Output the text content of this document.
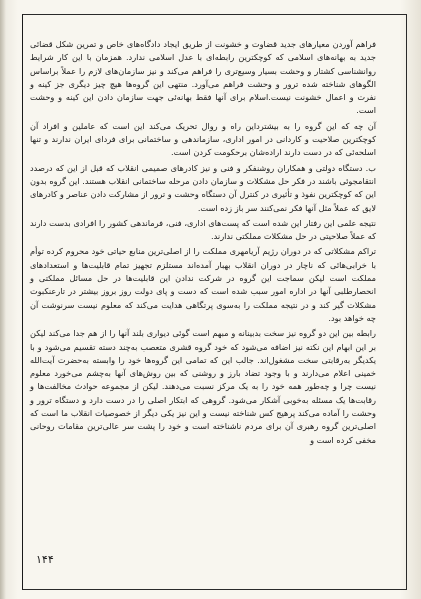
فراهم آوردن معیارهای جدید قضاوت و خشونت از طریق ایجاد دادگاه‌های خاص و تمرین شکل قضائی جدید به بهانه‌های اسلامی که کوچکترین رابطه‌ای با عدل اسلامی ندارد. همزمان با این کار شرایط روانشناسی کشتار و وحشت بسیار وسیع‌تری را فراهم می‌کند و نیز سازمان‌های لازم را عملاً براساس الگوهای شناخته شده ترور و وحشت فراهم می‌آورد. منتهی این گروه‌ها هیچ چیز دیگری جز کینه و نفرت و اعمال خشونت نیست.اسلام برای آنها فقط بهانه‌ئی جهت سازمان دادن این کینه و وحشت است.

آن چه که این گروه را به بیشترداین راه و روال تحریک می‌کند این است که عاملین و افراد آن کوچکترین صلاحیت و کاردانی در امور اداری، سازماندهی و ساختمانی برای فردای ایران ندارند و تنها اسلحه‌ئی که در دست دارند اراده‌شان برحکومت کردن است.

ب. دستگاه دولتی و همکاران روشنفکر و فنی و نیز کادرهای صمیمی انقلاب که قبل از این که درصدد انتقامجوئی باشند در فکر حل مشکلات و سازمان دادن مرحله ساختمانی انقلاب هستند. این گروه بدون این که کوچکترین نفوذ و تأثیری در کنترل آن دستگاه وحشت و ترور از مشارکت دادن عناصر و کادرهای لایق که عملاً مثل آنها فکر نمی‌کنند سر باز زده است.

نتیجه علمی این رفتار این شده است که پست‌های اداری، فنی، فرماندهی کشور را افرادی بدست دارند که عملاً صلاحیتی در حل مشکلات مملکتی ندارند.

تراکم مشکلاتی که در دوران رژیم آریامهری مملکت را از اصلی‌ترین منابع حیاتی خود محروم کرده توأم با خرابی‌هائی که ناچار در دوران انقلاب بهبار آمده‌اند مستلزم تجهیز تمام قابلیت‌ها و استعدادهای مملکت است لیکن سماجت این گروه در شرکت ندادن این قابلیت‌ها در حل مسائل مملکتی و انحصارطلبی آنها در اداره امور سبب شده است که دست و پای دولت روز بروز بیشتر در تارعنکبوت مشکلات گیر کند و در نتیجه مملکت را به‌سوی پرتگاهی هدایت می‌کند که معلوم نیست سرنوشت آن چه خواهد بود.

رابطه بین این دو گروه نیز سخت بدبینانه و مبهم است گوئی دیواری بلند آنها را از هم جدا می‌کند لیکن بر این ابهام این نکته نیز اضافه می‌شود که خود گروه قشری متعصب به‌چند دسته تقسیم می‌شود و با یکدیگر به‌رقابتی سخت مشغول‌اند. جالب این که تمامی این گروه‌ها خود را وابسته به‌حضرت آیت‌الله خمینی اعلام می‌دارند و با وجود تضاد بارز و روشنی که بین روش‌های آنها به‌چشم می‌خورد معلوم نیست چرا و چه‌طور همه خود را به یک مرکز نسبت می‌دهند. لیکن از مجموعه حوادث مخالفت‌ها و رقابت‌ها یک مسئله به‌خوبی آشکار می‌شود. گروهی که ابتکار اصلی را در دست دارد و دستگاه ترور و وحشت را آماده می‌کند پرهیج کس شناخته نیست و این نیز یکی دیگر از خصوصیات انقلاب ما است که اصلی‌ترین گروه رهبری آن برای مردم ناشناخته است و خود را پشت سر عالی‌ترین مقامات روحانی مخفی کرده است و

۱۴۴
